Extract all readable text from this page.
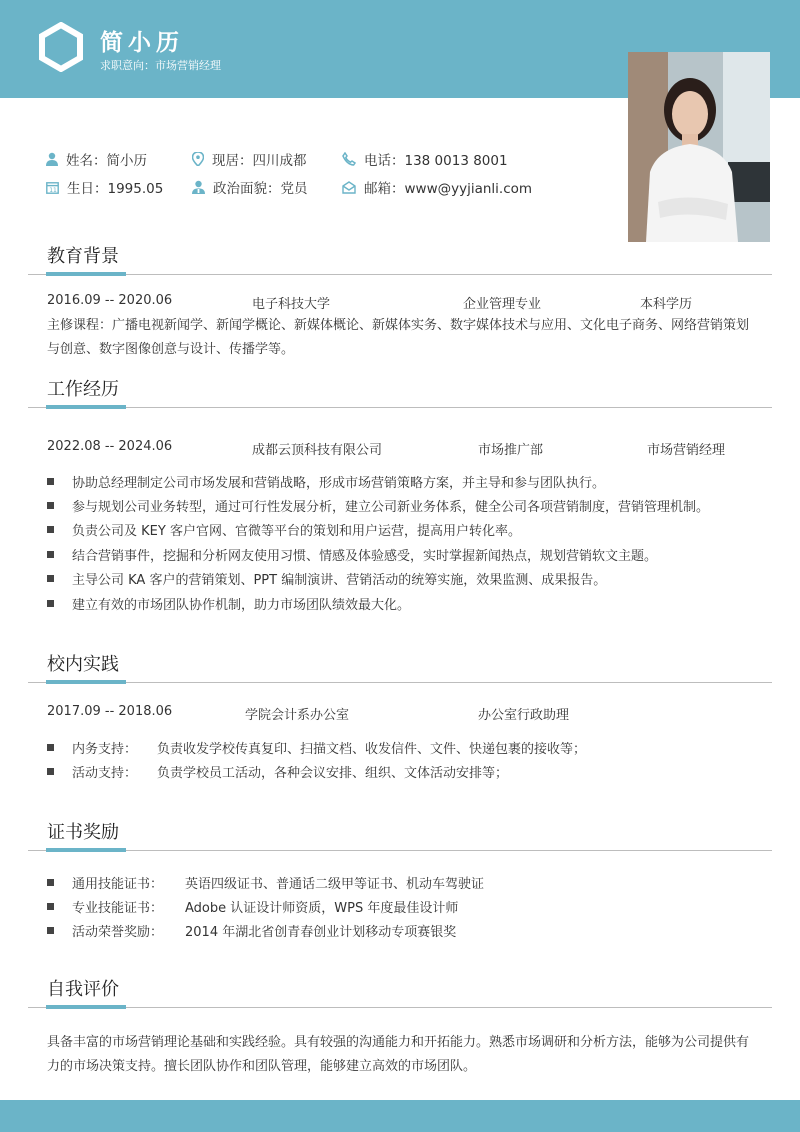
简小历
求职意向：市场营销经理
姓名：简小历	现居：四川成都	电话：138 0013 8001
11 生日：1995.05	政治面貌：党员	邮箱：www@yyjianli.com
教育背景
2016.09 -- 2020.06	电子科技大学	企业管理专业	本科学历
主修课程：广播电视新闻学、新闻学概论、新媒体概论、新媒体实务、数字媒体技术与应用、文化电子商务、网络营销策划与创意、数字图像创意与设计、传播学等。
工作经历
2022.08 -- 2024.06	成都云顶科技有限公司	市场推广部	市场营销经理
协助总经理制定公司市场发展和营销战略，形成市场营销策略方案，并主导和参与团队执行。
参与规划公司业务转型，通过可行性发展分析，建立公司新业务体系，健全公司各项营销制度，营销管理机制。
负责公司及 KEY 客户官网、官微等平台的策划和用户运营，提高用户转化率。
结合营销事件，挖掘和分析网友使用习惯、情感及体验感受，实时掌握新闻热点，规划营销软文主题。
主导公司 KA 客户的营销策划、PPT 编制演讲、营销活动的统筹实施，效果监测、成果报告。
建立有效的市场团队协作机制，助力市场团队绩效最大化。
校内实践
2017.09 -- 2018.06	学院会计系办公室	办公室行政助理
内务支持：	负责收发学校传真复印、扫描文档、收发信件、文件、快递包裹的接收等；
活动支持：	负责学校员工活动，各种会议安排、组织、文体活动安排等；
证书奖励
通用技能证书：	英语四级证书、普通话二级甲等证书、机动车驾驶证
专业技能证书：	Adobe 认证设计师资质，WPS 年度最佳设计师
活动荣誉奖励：	2014 年湖北省创青春创业计划移动专项赛银奖
自我评价
具备丰富的市场营销理论基础和实践经验。具有较强的沟通能力和开拓能力。熟悉市场调研和分析方法，能够为公司提供有力的市场决策支持。擅长团队协作和团队管理，能够建立高效的市场团队。
